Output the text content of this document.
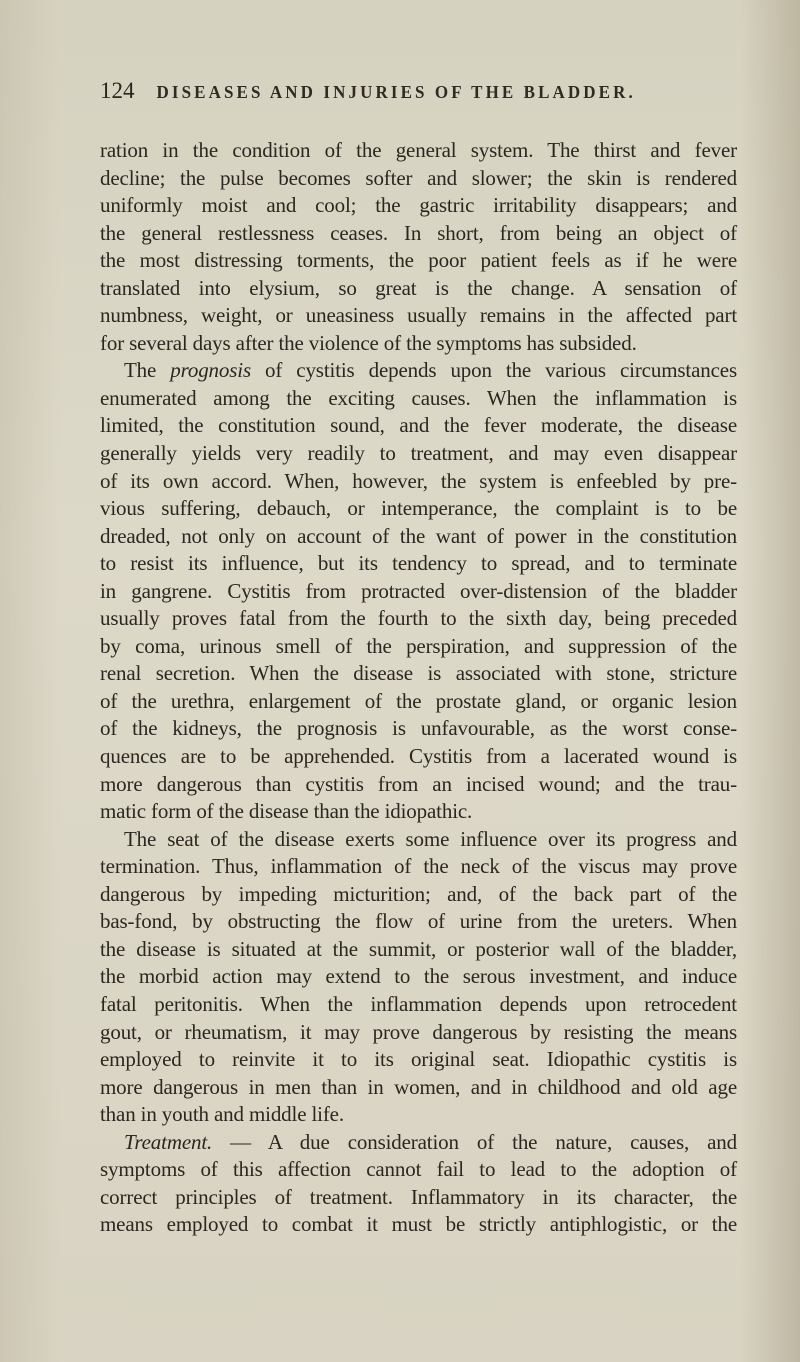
124 DISEASES AND INJURIES OF THE BLADDER.
ration in the condition of the general system. The thirst and fever
decline; the pulse becomes softer and slower; the skin is rendered
uniformly moist and cool; the gastric irritability disappears; and
the general restlessness ceases. In short, from being an object of
the most distressing torments, the poor patient feels as if he were
translated into elysium, so great is the change. A sensation of
numbness, weight, or uneasiness usually remains in the affected part
for several days after the violence of the symptoms has subsided.
The prognosis of cystitis depends upon the various circumstances
enumerated among the exciting causes. When the inflammation is
limited, the constitution sound, and the fever moderate, the disease
generally yields very readily to treatment, and may even disappear
of its own accord. When, however, the system is enfeebled by pre-
vious suffering, debauch, or intemperance, the complaint is to be
dreaded, not only on account of the want of power in the constitution
to resist its influence, but its tendency to spread, and to terminate
in gangrene. Cystitis from protracted over-distension of the bladder
usually proves fatal from the fourth to the sixth day, being preceded
by coma, urinous smell of the perspiration, and suppression of the
renal secretion. When the disease is associated with stone, stricture
of the urethra, enlargement of the prostate gland, or organic lesion
of the kidneys, the prognosis is unfavourable, as the worst conse-
quences are to be apprehended. Cystitis from a lacerated wound is
more dangerous than cystitis from an incised wound; and the trau-
matic form of the disease than the idiopathic.
The seat of the disease exerts some influence over its progress and
termination. Thus, inflammation of the neck of the viscus may prove
dangerous by impeding micturition; and, of the back part of the
bas-fond, by obstructing the flow of urine from the ureters. When
the disease is situated at the summit, or posterior wall of the bladder,
the morbid action may extend to the serous investment, and induce
fatal peritonitis. When the inflammation depends upon retrocedent
gout, or rheumatism, it may prove dangerous by resisting the means
employed to reinvite it to its original seat. Idiopathic cystitis is
more dangerous in men than in women, and in childhood and old age
than in youth and middle life.
Treatment. — A due consideration of the nature, causes, and
symptoms of this affection cannot fail to lead to the adoption of
correct principles of treatment. Inflammatory in its character, the
means employed to combat it must be strictly antiphlogistic, or the
